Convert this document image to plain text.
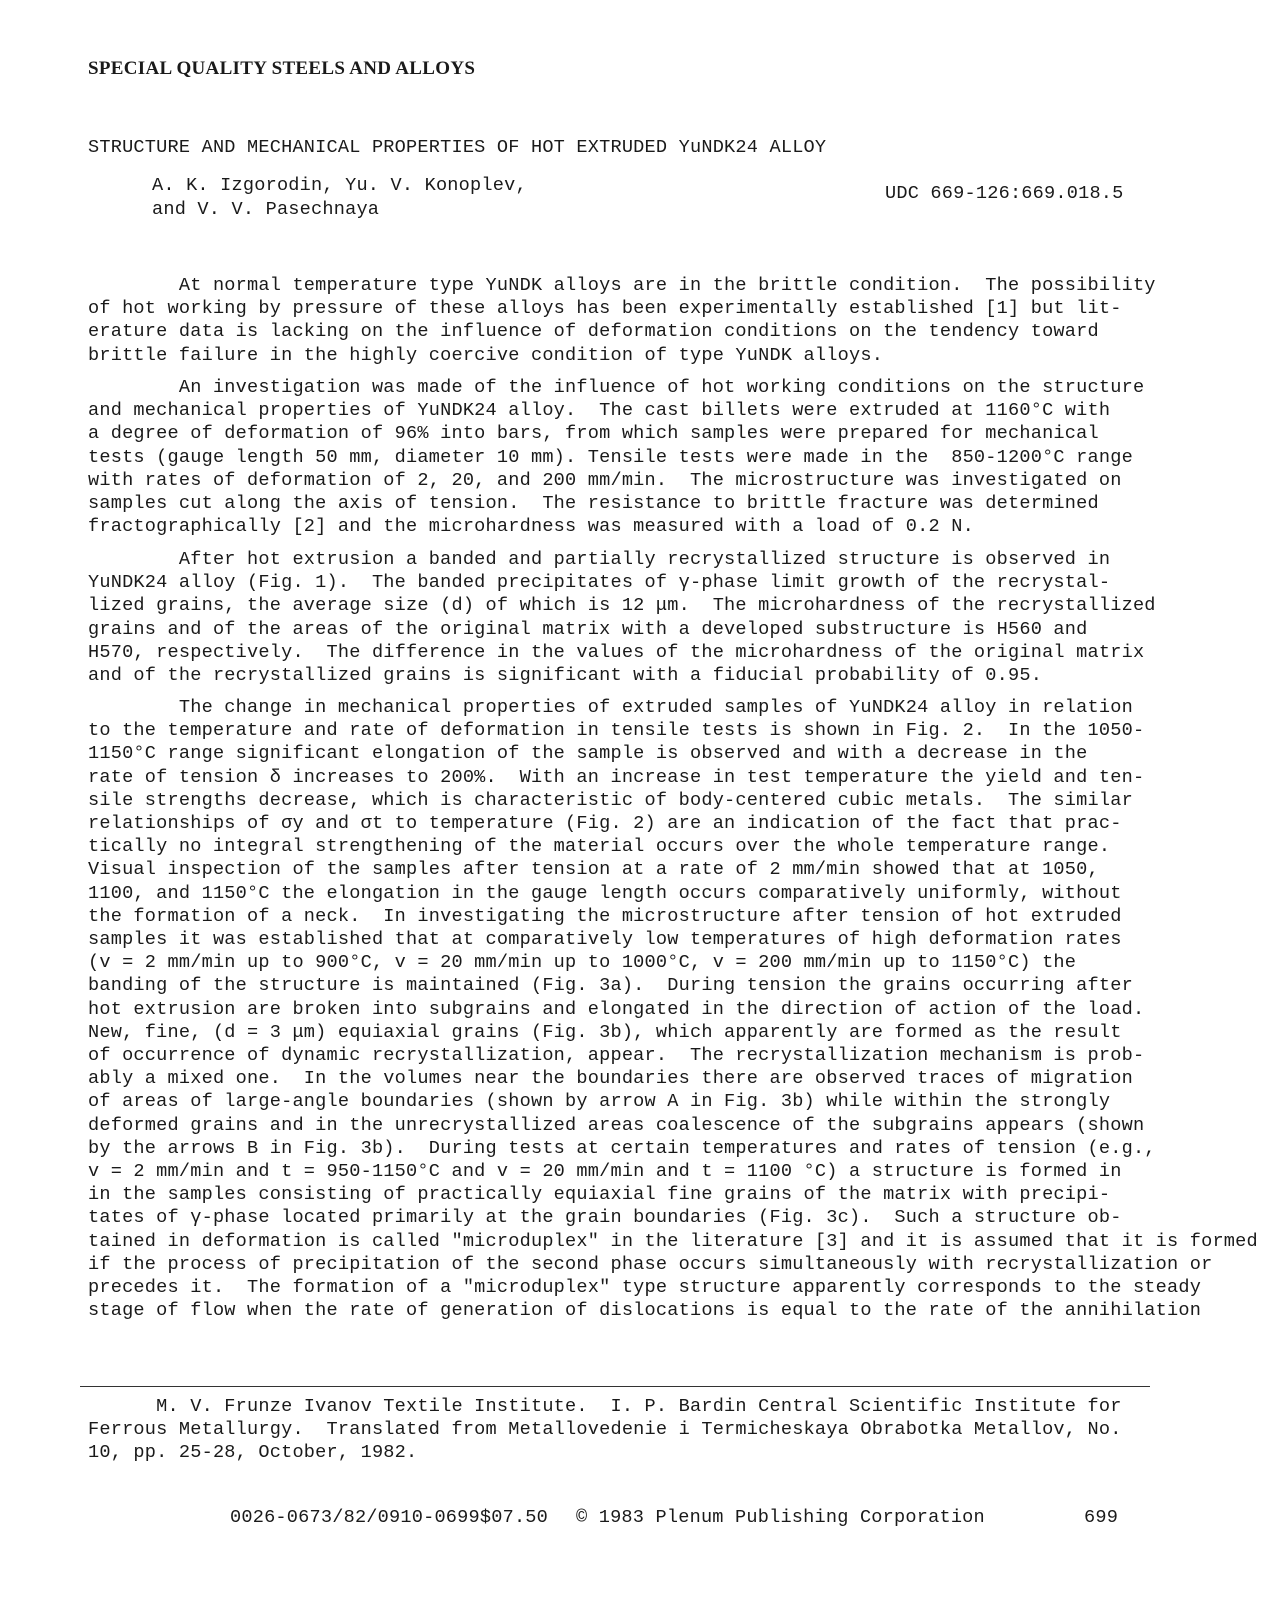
SPECIAL QUALITY STEELS AND ALLOYS
STRUCTURE AND MECHANICAL PROPERTIES OF HOT EXTRUDED YuNDK24 ALLOY
A. K. Izgorodin, Yu. V. Konoplev,
and V. V. Pasechnaya
UDC 669-126:669.018.5
At normal temperature type YuNDK alloys are in the brittle condition.  The possibility
of hot working by pressure of these alloys has been experimentally established [1] but lit-
erature data is lacking on the influence of deformation conditions on the tendency toward
brittle failure in the highly coercive condition of type YuNDK alloys.
An investigation was made of the influence of hot working conditions on the structure
and mechanical properties of YuNDK24 alloy.  The cast billets were extruded at 1160°C with
a degree of deformation of 96% into bars, from which samples were prepared for mechanical
tests (gauge length 50 mm, diameter 10 mm). Tensile tests were made in the  850-1200°C range
with rates of deformation of 2, 20, and 200 mm/min.  The microstructure was investigated on
samples cut along the axis of tension.  The resistance to brittle fracture was determined
fractographically [2] and the microhardness was measured with a load of 0.2 N.
After hot extrusion a banded and partially recrystallized structure is observed in
YuNDK24 alloy (Fig. 1).  The banded precipitates of γ-phase limit growth of the recrystal-
lized grains, the average size (d) of which is 12 μm.  The microhardness of the recrystallized
grains and of the areas of the original matrix with a developed substructure is H560 and
H570, respectively.  The difference in the values of the microhardness of the original matrix
and of the recrystallized grains is significant with a fiducial probability of 0.95.
The change in mechanical properties of extruded samples of YuNDK24 alloy in relation
to the temperature and rate of deformation in tensile tests is shown in Fig. 2.  In the 1050-
1150°C range significant elongation of the sample is observed and with a decrease in the
rate of tension δ increases to 200%.  With an increase in test temperature the yield and ten-
sile strengths decrease, which is characteristic of body-centered cubic metals.  The similar
relationships of σy and σt to temperature (Fig. 2) are an indication of the fact that prac-
tically no integral strengthening of the material occurs over the whole temperature range.
Visual inspection of the samples after tension at a rate of 2 mm/min showed that at 1050,
1100, and 1150°C the elongation in the gauge length occurs comparatively uniformly, without
the formation of a neck.  In investigating the microstructure after tension of hot extruded
samples it was established that at comparatively low temperatures of high deformation rates
(v = 2 mm/min up to 900°C, v = 20 mm/min up to 1000°C, v = 200 mm/min up to 1150°C) the
banding of the structure is maintained (Fig. 3a).  During tension the grains occurring after
hot extrusion are broken into subgrains and elongated in the direction of action of the load.
New, fine, (d = 3 μm) equiaxial grains (Fig. 3b), which apparently are formed as the result
of occurrence of dynamic recrystallization, appear.  The recrystallization mechanism is prob-
ably a mixed one.  In the volumes near the boundaries there are observed traces of migration
of areas of large-angle boundaries (shown by arrow A in Fig. 3b) while within the strongly
deformed grains and in the unrecrystallized areas coalescence of the subgrains appears (shown
by the arrows B in Fig. 3b).  During tests at certain temperatures and rates of tension (e.g.,
v = 2 mm/min and t = 950-1150°C and v = 20 mm/min and t = 1100 °C) a structure is formed in
in the samples consisting of practically equiaxial fine grains of the matrix with precipi-
tates of γ-phase located primarily at the grain boundaries (Fig. 3c).  Such a structure ob-
tained in deformation is called "microduplex" in the literature [3] and it is assumed that it is formed
if the process of precipitation of the second phase occurs simultaneously with recrystallization or
precedes it.  The formation of a "microduplex" type structure apparently corresponds to the steady
stage of flow when the rate of generation of dislocations is equal to the rate of the annihilation
M. V. Frunze Ivanov Textile Institute.  I. P. Bardin Central Scientific Institute for
Ferrous Metallurgy.  Translated from Metallovedenie i Termicheskaya Obrabotka Metallov, No.
10, pp. 25-28, October, 1982.
0026-0673/82/0910-0699$07.50 © 1983 Plenum Publishing Corporation	699
